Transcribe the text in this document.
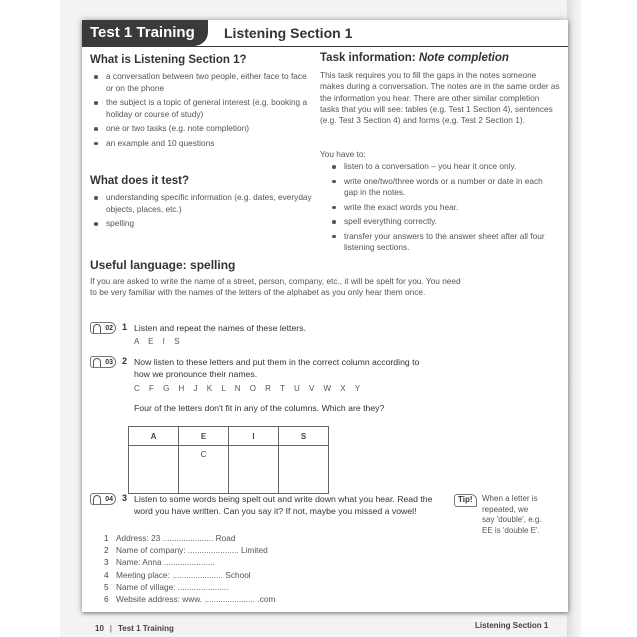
Test 1 Training	Listening Section 1
What is Listening Section 1?
a conversation between two people, either face to face or on the phone
the subject is a topic of general interest (e.g. booking a holiday or course of study)
one or two tasks (e.g. note completion)
an example and 10 questions
What does it test?
understanding specific information (e.g. dates, everyday objects, places, etc.)
spelling
Task information: Note completion
This task requires you to fill the gaps in the notes someone makes during a conversation. The notes are in the same order as the information you hear. There are other similar completion tasks that you will see: tables (e.g. Test 1 Section 4), sentences (e.g. Test 3 Section 4) and forms (e.g. Test 2 Section 1).
You have to:
listen to a conversation – you hear it once only.
write one/two/three words or a number or date in each gap in the notes.
write the exact words you hear.
spell everything correctly.
transfer your answers to the answer sheet after all four listening sections.
Useful language: spelling
If you are asked to write the name of a street, person, company, etc., it will be spelt for you. You need to be very familiar with the names of the letters of the alphabet as you only hear them once.
02	1 Listen and repeat the names of these letters.
A E I S
03	2 Now listen to these letters and put them in the correct column according to how we pronounce their names.
C F G H J K L N O R T U V W X Y
Four of the letters don't fit in any of the columns. Which are they?
A	E	I	S
	C		
04	3 Listen to some words being spelt out and write down what you hear. Read the word you have written. Can you say it? If not, maybe you missed a vowel!
Tip!	When a letter is repeated, we say 'double', e.g. EE is 'double E'.
1 Address: 23 ...................... Road
2 Name of company: ...................... Limited
3 Name: Anna ......................
4 Meeting place: ...................... School
5 Name of village: ......................
6 Website address: www. ...................... .com
10 | Test 1 Training	Listening Section 1
